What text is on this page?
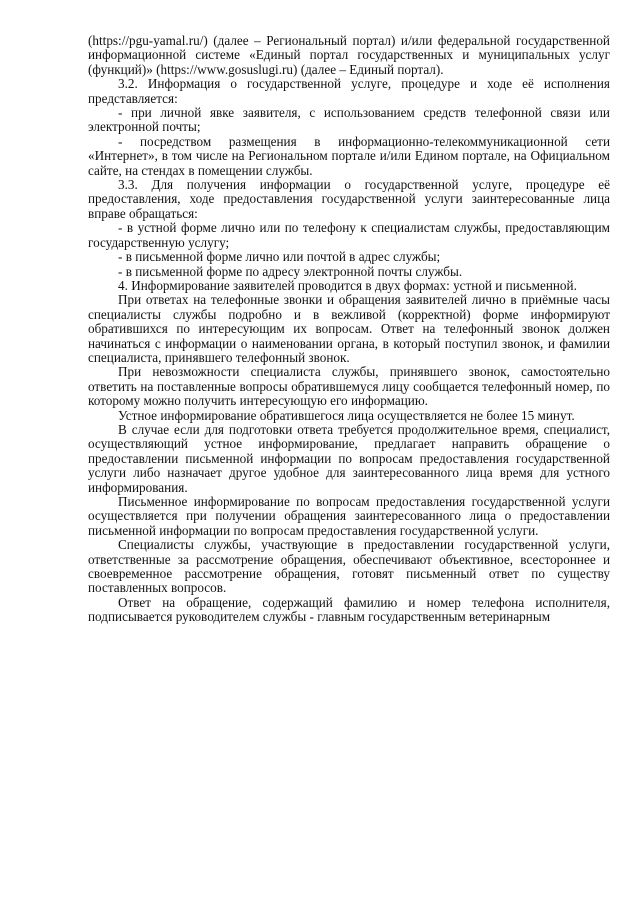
(https://pgu-yamal.ru/) (далее – Региональный портал) и/или федеральной государственной информационной системе «Единый портал государственных и муниципальных услуг (функций)» (https://www.gosuslugi.ru) (далее – Единый портал).

3.2. Информация о государственной услуге, процедуре и ходе её исполнения представляется:

- при личной явке заявителя, с использованием средств телефонной связи или электронной почты;

- посредством размещения в информационно-телекоммуникационной сети «Интернет», в том числе на Региональном портале и/или Едином портале, на Официальном сайте, на стендах в помещении службы.

3.3. Для получения информации о государственной услуге, процедуре её предоставления, ходе предоставления государственной услуги заинтересованные лица вправе обращаться:

- в устной форме лично или по телефону к специалистам службы, предоставляющим государственную услугу;

- в письменной форме лично или почтой в адрес службы;

- в письменной форме по адресу электронной почты службы.

4. Информирование заявителей проводится в двух формах: устной и письменной.

При ответах на телефонные звонки и обращения заявителей лично в приёмные часы специалисты службы подробно и в вежливой (корректной) форме информируют обратившихся по интересующим их вопросам. Ответ на телефонный звонок должен начинаться с информации о наименовании органа, в который поступил звонок, и фамилии специалиста, принявшего телефонный звонок.

При невозможности специалиста службы, принявшего звонок, самостоятельно ответить на поставленные вопросы обратившемуся лицу сообщается телефонный номер, по которому можно получить интересующую его информацию.

Устное информирование обратившегося лица осуществляется не более 15 минут.

В случае если для подготовки ответа требуется продолжительное время, специалист, осуществляющий устное информирование, предлагает направить обращение о предоставлении письменной информации по вопросам предоставления государственной услуги либо назначает другое удобное для заинтересованного лица время для устного информирования.

Письменное информирование по вопросам предоставления государственной услуги осуществляется при получении обращения заинтересованного лица о предоставлении письменной информации по вопросам предоставления государственной услуги.

Специалисты службы, участвующие в предоставлении государственной услуги, ответственные за рассмотрение обращения, обеспечивают объективное, всестороннее и своевременное рассмотрение обращения, готовят письменный ответ по существу поставленных вопросов.

Ответ на обращение, содержащий фамилию и номер телефона исполнителя, подписывается руководителем службы - главным государственным ветеринарным
